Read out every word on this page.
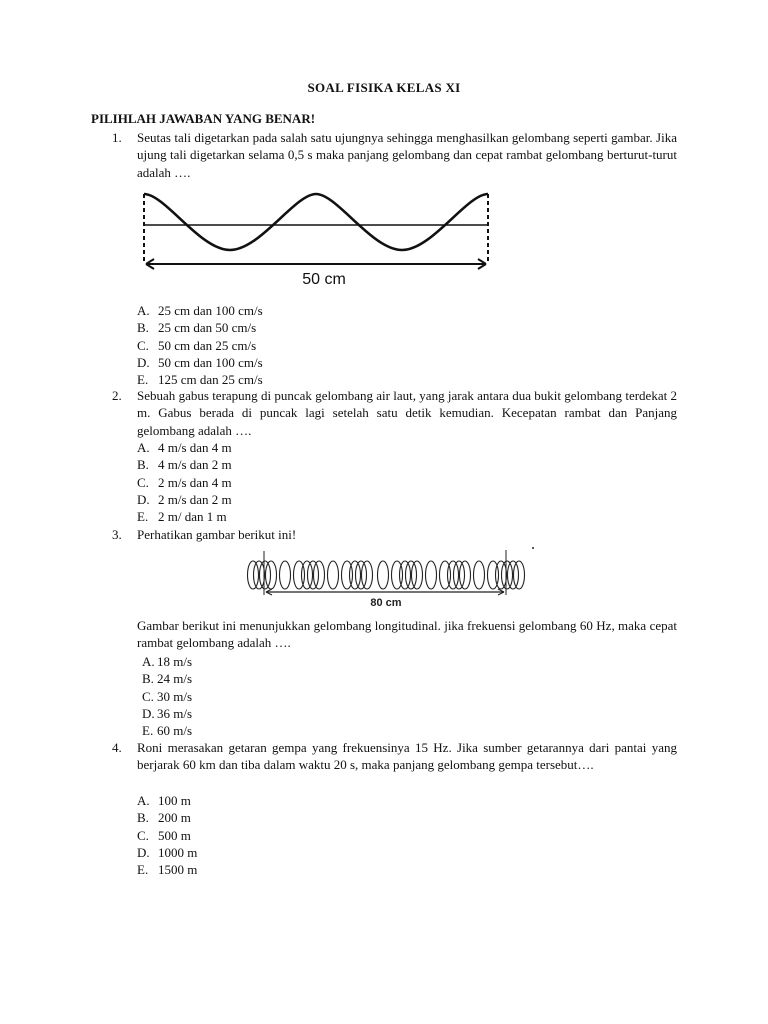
SOAL FISIKA KELAS XI
PILIHLAH JAWABAN YANG BENAR!
1. Seutas tali digetarkan pada salah satu ujungnya sehingga menghasilkan gelombang seperti gambar. Jika ujung tali digetarkan selama 0,5 s maka panjang gelombang dan cepat rambat gelombang berturut-turut adalah ….
50 cm
A. 25 cm dan 100 cm/s
B. 25 cm dan 50 cm/s
C. 50 cm dan 25 cm/s
D. 50 cm dan 100 cm/s
E. 125 cm dan 25 cm/s
2. Sebuah gabus terapung di puncak gelombang air laut, yang jarak antara dua bukit gelombang terdekat 2 m. Gabus berada di puncak lagi setelah satu detik kemudian. Kecepatan rambat dan Panjang gelombang adalah ….
A. 4 m/s dan 4 m
B. 4 m/s dan 2 m
C. 2 m/s dan 4 m
D. 2 m/s dan 2 m
E. 2 m/ dan 1 m
3. Perhatikan gambar berikut ini!
80 cm
Gambar berikut ini menunjukkan gelombang longitudinal. jika frekuensi gelombang 60 Hz, maka cepat rambat gelombang adalah ….
A. 18 m/s
B. 24 m/s
C. 30 m/s
D. 36 m/s
E. 60 m/s
4. Roni merasakan getaran gempa yang frekuensinya 15 Hz. Jika sumber getarannya dari pantai yang berjarak 60 km dan tiba dalam waktu 20 s, maka panjang gelombang gempa tersebut….
A. 100 m
B. 200 m
C. 500 m
D. 1000 m
E. 1500 m
